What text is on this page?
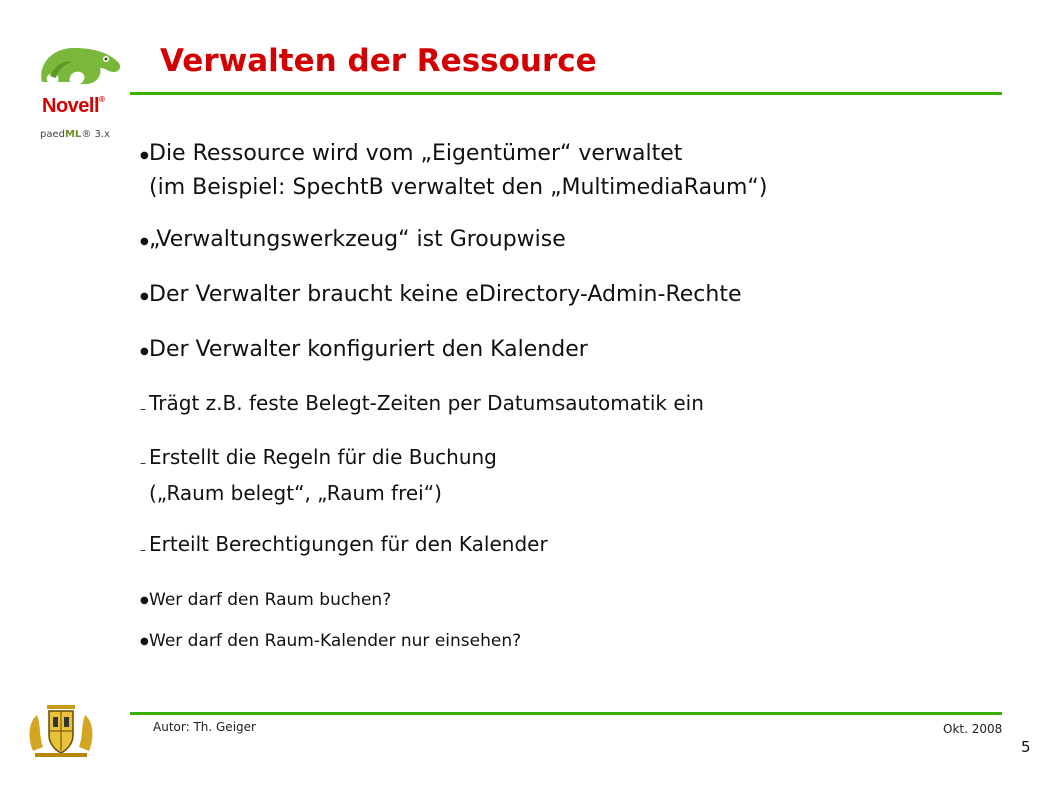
Novell®
paedML® 3.x
Verwalten der Ressource
●Die Ressource wird vom „Eigentümer“ verwaltet
(im Beispiel: SpechtB verwaltet den „MultimediaRaum“)
●„Verwaltungswerkzeug“ ist Groupwise
●Der Verwalter braucht keine eDirectory-Admin-Rechte
●Der Verwalter konfiguriert den Kalender
– Trägt z.B. feste Belegt-Zeiten per Datumsautomatik ein
– Erstellt die Regeln für die Buchung
(„Raum belegt“, „Raum frei“)
– Erteilt Berechtigungen für den Kalender
●Wer darf den Raum buchen?
●Wer darf den Raum-Kalender nur einsehen?
Autor: Th. Geiger	Okt. 2008
5
